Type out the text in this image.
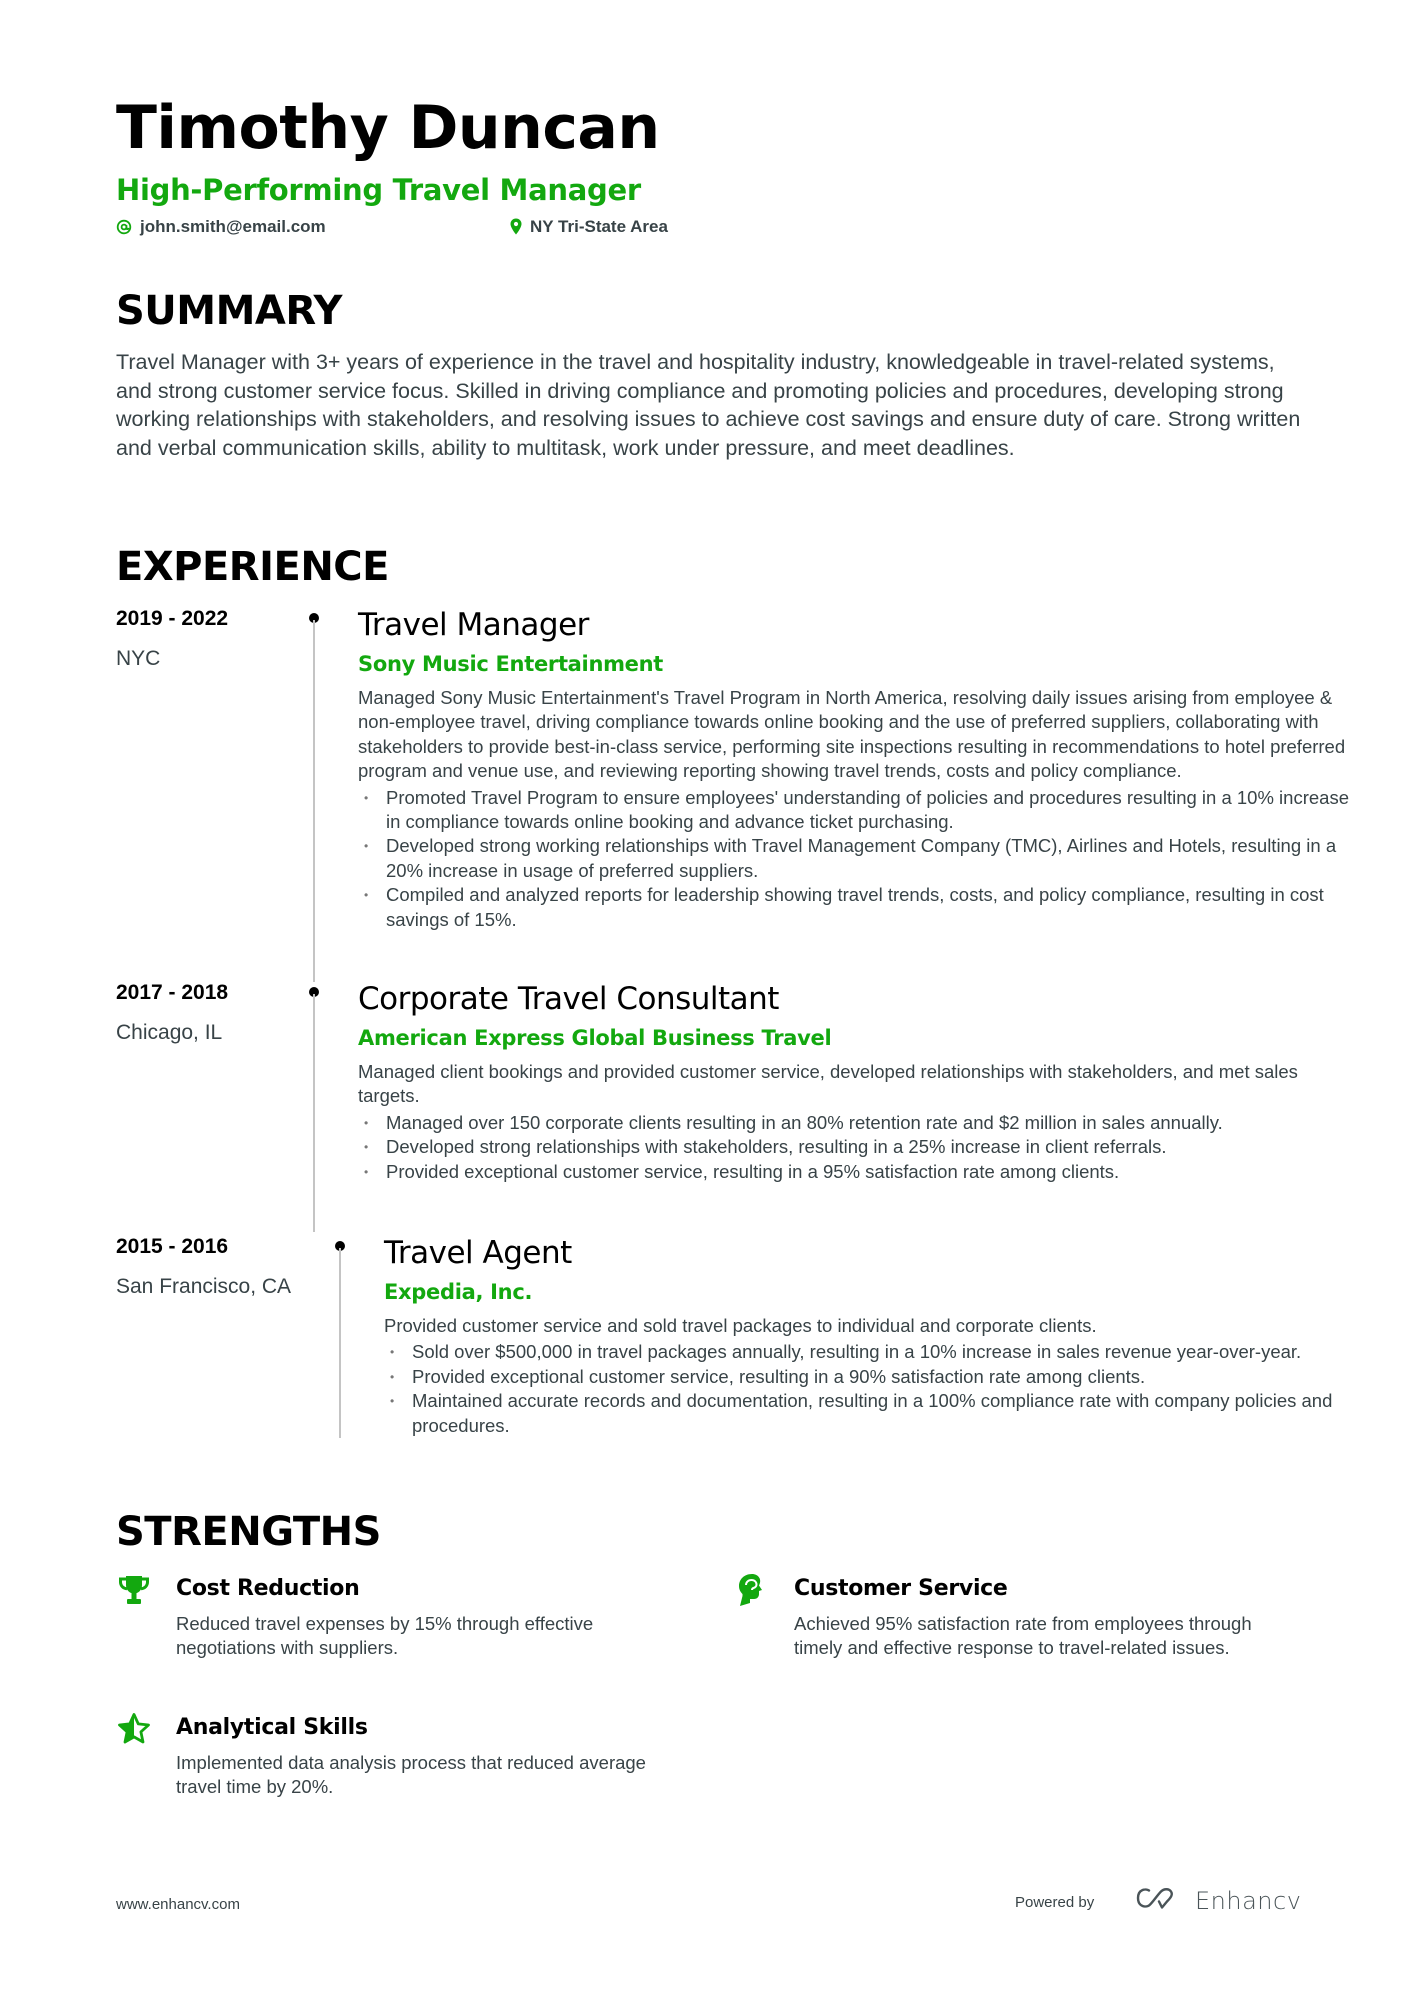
Timothy Duncan
High-Performing Travel Manager
john.smith@email.com	NY Tri-State Area
SUMMARY
Travel Manager with 3+ years of experience in the travel and hospitality industry, knowledgeable in travel-related systems, and strong customer service focus. Skilled in driving compliance and promoting policies and procedures, developing strong working relationships with stakeholders, and resolving issues to achieve cost savings and ensure duty of care. Strong written and verbal communication skills, ability to multitask, work under pressure, and meet deadlines.
EXPERIENCE
2019 - 2022
NYC
Travel Manager
Sony Music Entertainment
Managed Sony Music Entertainment's Travel Program in North America, resolving daily issues arising from employee & non-employee travel, driving compliance towards online booking and the use of preferred suppliers, collaborating with stakeholders to provide best-in-class service, performing site inspections resulting in recommendations to hotel preferred program and venue use, and reviewing reporting showing travel trends, costs and policy compliance.
• Promoted Travel Program to ensure employees' understanding of policies and procedures resulting in a 10% increase in compliance towards online booking and advance ticket purchasing.
• Developed strong working relationships with Travel Management Company (TMC), Airlines and Hotels, resulting in a 20% increase in usage of preferred suppliers.
• Compiled and analyzed reports for leadership showing travel trends, costs, and policy compliance, resulting in cost savings of 15%.
2017 - 2018
Chicago, IL
Corporate Travel Consultant
American Express Global Business Travel
Managed client bookings and provided customer service, developed relationships with stakeholders, and met sales targets.
• Managed over 150 corporate clients resulting in an 80% retention rate and $2 million in sales annually.
• Developed strong relationships with stakeholders, resulting in a 25% increase in client referrals.
• Provided exceptional customer service, resulting in a 95% satisfaction rate among clients.
2015 - 2016
San Francisco, CA
Travel Agent
Expedia, Inc.
Provided customer service and sold travel packages to individual and corporate clients.
• Sold over $500,000 in travel packages annually, resulting in a 10% increase in sales revenue year-over-year.
• Provided exceptional customer service, resulting in a 90% satisfaction rate among clients.
• Maintained accurate records and documentation, resulting in a 100% compliance rate with company policies and procedures.
STRENGTHS
Cost Reduction
Reduced travel expenses by 15% through effective negotiations with suppliers.
Customer Service
Achieved 95% satisfaction rate from employees through timely and effective response to travel-related issues.
Analytical Skills
Implemented data analysis process that reduced average travel time by 20%.
www.enhancv.com	Powered by	Enhancv
